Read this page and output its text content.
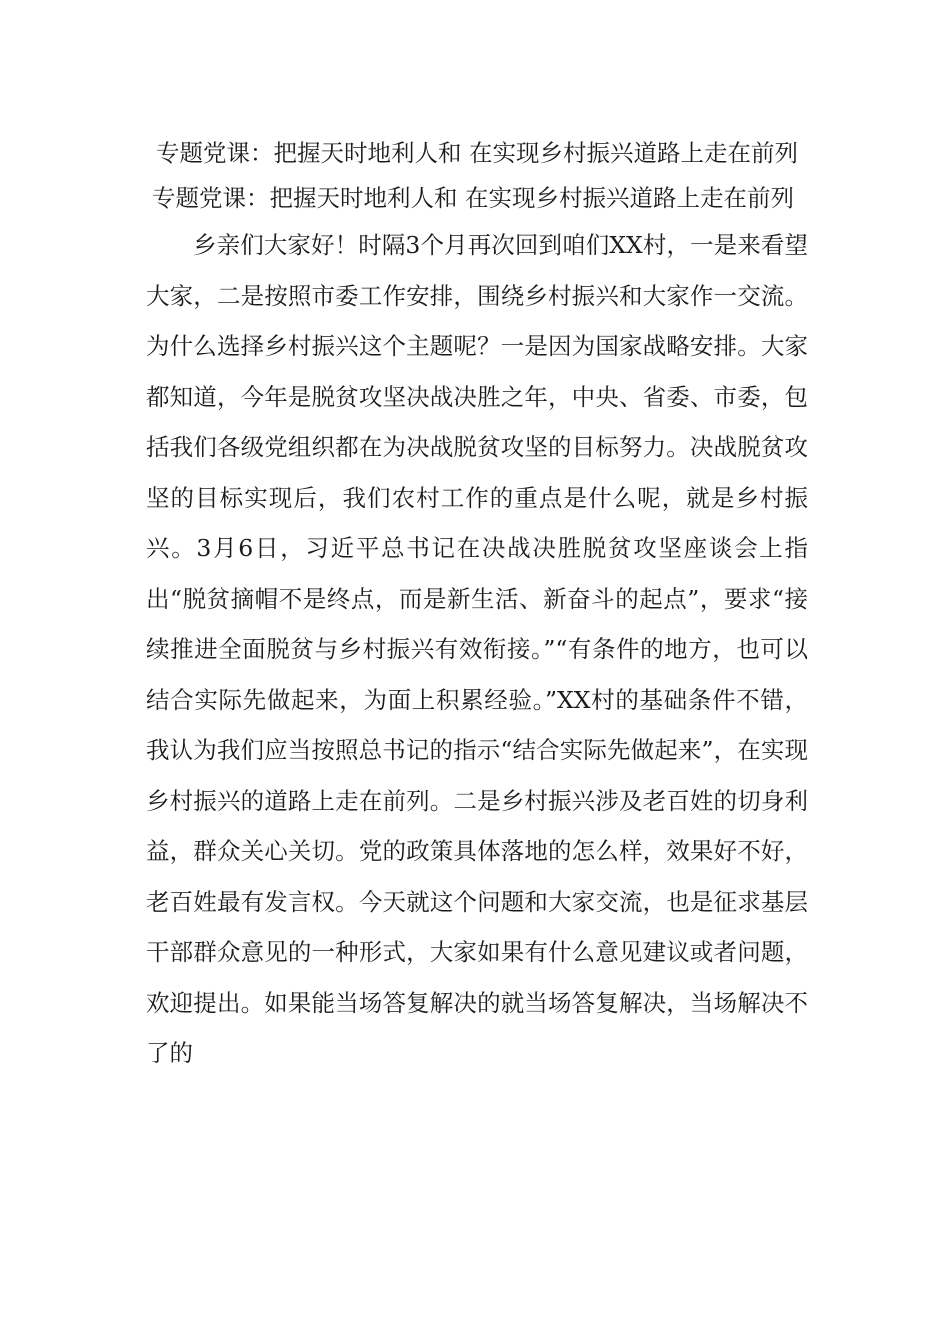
专题党课：把握天时地利人和 在实现乡村振兴道路上走在前列
专题党课：把握天时地利人和 在实现乡村振兴道路上走在前列

乡亲们大家好！时隔3个月再次回到咱们XX村，一是来看望大家，二是按照市委工作安排，围绕乡村振兴和大家作一交流。为什么选择乡村振兴这个主题呢？一是因为国家战略安排。大家都知道，今年是脱贫攻坚决战决胜之年，中央、省委、市委，包括我们各级党组织都在为决战脱贫攻坚的目标努力。决战脱贫攻坚的目标实现后，我们农村工作的重点是什么呢，就是乡村振兴。3月6日，习近平总书记在决战决胜脱贫攻坚座谈会上指出“脱贫摘帽不是终点，而是新生活、新奋斗的起点”，要求“接续推进全面脱贫与乡村振兴有效衔接。”“有条件的地方，也可以结合实际先做起来，为面上积累经验。”XX村的基础条件不错，我认为我们应当按照总书记的指示“结合实际先做起来”，在实现乡村振兴的道路上走在前列。二是乡村振兴涉及老百姓的切身利益，群众关心关切。党的政策具体落地的怎么样，效果好不好，老百姓最有发言权。今天就这个问题和大家交流，也是征求基层干部群众意见的一种形式，大家如果有什么意见建议或者问题，欢迎提出。如果能当场答复解决的就当场答复解决，当场解决不了的
